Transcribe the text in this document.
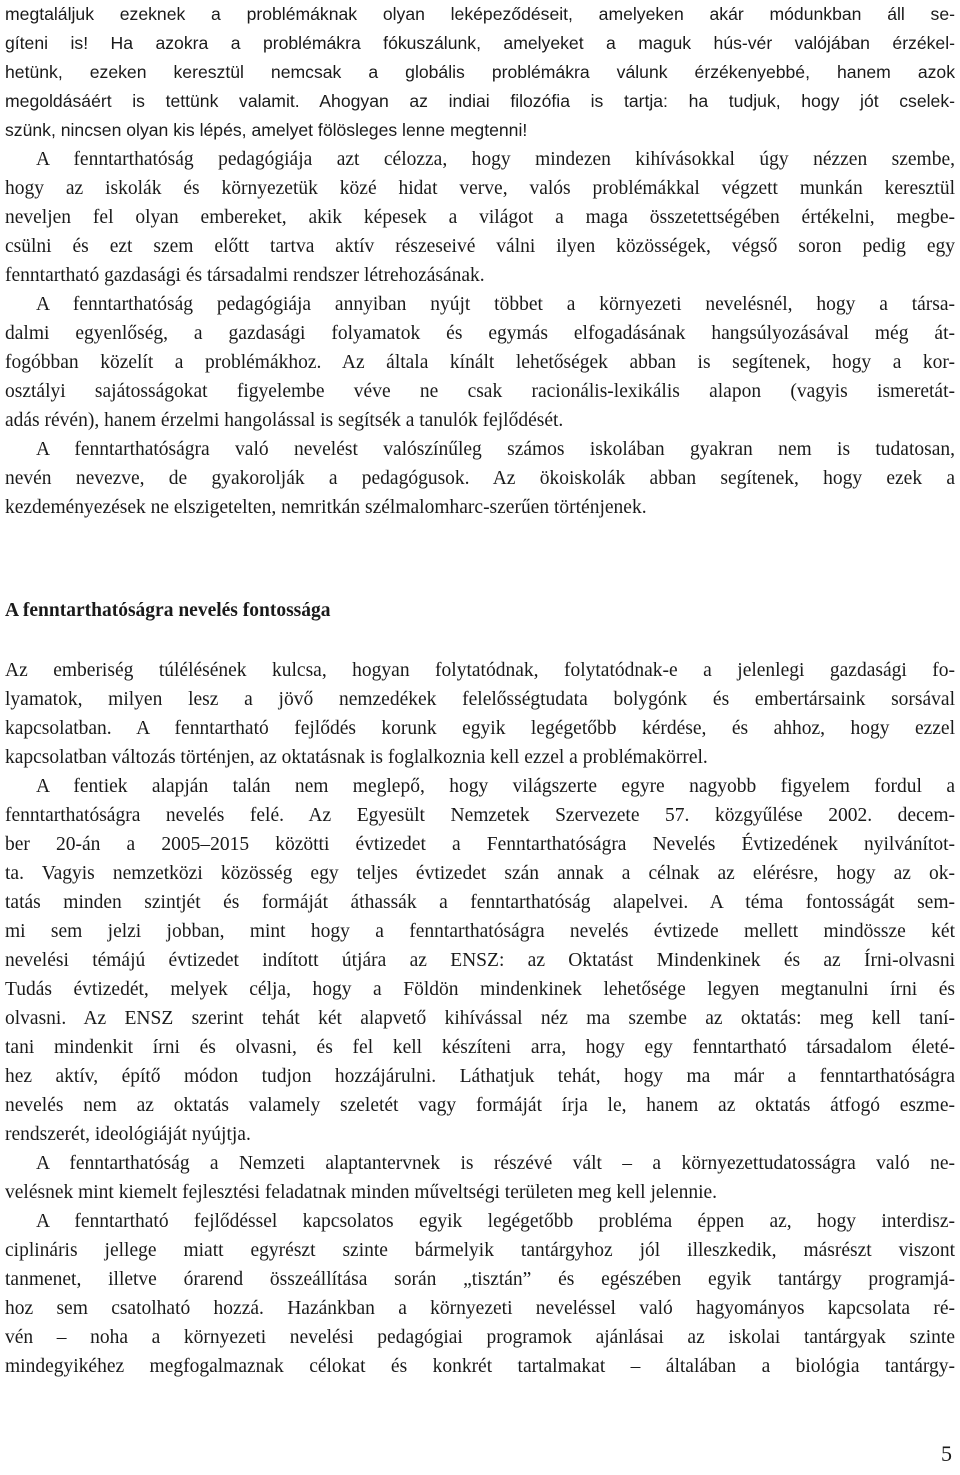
megtaláljuk ezeknek a problémáknak olyan leképeződéseit, amelyeken akár módunkban áll se-
gíteni is! Ha azokra a problémákra fókuszálunk, amelyeket a maguk hús-vér valójában érzékel-
hetünk, ezeken keresztül nemcsak a globális problémákra válunk érzékenyebbé, hanem azok
megoldásáért is tettünk valamit. Ahogyan az indiai filozófia is tartja: ha tudjuk, hogy jót cselek-
szünk, nincsen olyan kis lépés, amelyet fölösleges lenne megtenni!
A fenntarthatóság pedagógiája azt célozza, hogy mindezen kihívásokkal úgy nézzen szembe,
hogy az iskolák és környezetük közé hidat verve, valós problémákkal végzett munkán keresztül
neveljen fel olyan embereket, akik képesek a világot a maga összetettségében értékelni, megbe-
csülni és ezt szem előtt tartva aktív részeseivé válni ilyen közösségek, végső soron pedig egy
fenntartható gazdasági és társadalmi rendszer létrehozásának.
A fenntarthatóság pedagógiája annyiban nyújt többet a környezeti nevelésnél, hogy a társa-
dalmi egyenlőség, a gazdasági folyamatok és egymás elfogadásának hangsúlyozásával még át-
fogóbban közelít a problémákhoz. Az általa kínált lehetőségek abban is segítenek, hogy a kor-
osztályi sajátosságokat figyelembe véve ne csak racionális-lexikális alapon (vagyis ismeretát-
adás révén), hanem érzelmi hangolással is segítsék a tanulók fejlődését.
A fenntarthatóságra való nevelést valószínűleg számos iskolában gyakran nem is tudatosan,
nevén nevezve, de gyakorolják a pedagógusok. Az ökoiskolák abban segítenek, hogy ezek a
kezdeményezések ne elszigetelten, nemritkán szélmalomharc-szerűen történjenek.
A fenntarthatóságra nevelés fontossága
Az emberiség túlélésének kulcsa, hogyan folytatódnak, folytatódnak-e a jelenlegi gazdasági fo-
lyamatok, milyen lesz a jövő nemzedékek felelősségtudata bolygónk és embertársaink sorsával
kapcsolatban. A fenntartható fejlődés korunk egyik legégetőbb kérdése, és ahhoz, hogy ezzel
kapcsolatban változás történjen, az oktatásnak is foglalkoznia kell ezzel a problémakörrel.
A fentiek alapján talán nem meglepő, hogy világszerte egyre nagyobb figyelem fordul a
fenntarthatóságra nevelés felé. Az Egyesült Nemzetek Szervezete 57. közgyűlése 2002. decem-
ber 20-án a 2005–2015 közötti évtizedet a Fenntarthatóságra Nevelés Évtizedének nyilvánítot-
ta. Vagyis nemzetközi közösség egy teljes évtizedet szán annak a célnak az elérésre, hogy az ok-
tatás minden szintjét és formáját áthassák a fenntarthatóság alapelvei. A téma fontosságát sem-
mi sem jelzi jobban, mint hogy a fenntarthatóságra nevelés évtizede mellett mindössze két
nevelési témájú évtizedet indított útjára az ENSZ: az Oktatást Mindenkinek és az Írni-olvasni
Tudás évtizedét, melyek célja, hogy a Földön mindenkinek lehetősége legyen megtanulni írni és
olvasni. Az ENSZ szerint tehát két alapvető kihívással néz ma szembe az oktatás: meg kell taní-
tani mindenkit írni és olvasni, és fel kell készíteni arra, hogy egy fenntartható társadalom életé-
hez aktív, építő módon tudjon hozzájárulni. Láthatjuk tehát, hogy ma már a fenntarthatóságra
nevelés nem az oktatás valamely szeletét vagy formáját írja le, hanem az oktatás átfogó eszme-
rendszerét, ideológiáját nyújtja.
A fenntarthatóság a Nemzeti alaptantervnek is részévé vált – a környezettudatosságra való ne-
velésnek mint kiemelt fejlesztési feladatnak minden műveltségi területen meg kell jelennie.
A fenntartható fejlődéssel kapcsolatos egyik legégetőbb probléma éppen az, hogy interdisz-
ciplináris jellege miatt egyrészt szinte bármelyik tantárgyhoz jól illeszkedik, másrészt viszont
tanmenet, illetve órarend összeállítása során „tisztán” és egészében egyik tantárgy programjá-
hoz sem csatolható hozzá. Hazánkban a környezeti neveléssel való hagyományos kapcsolata ré-
vén – noha a környezeti nevelési pedagógiai programok ajánlásai az iskolai tantárgyak szinte
mindegyikéhez megfogalmaznak célokat és konkrét tartalmakat – általában a biológia tantárgy-
5
